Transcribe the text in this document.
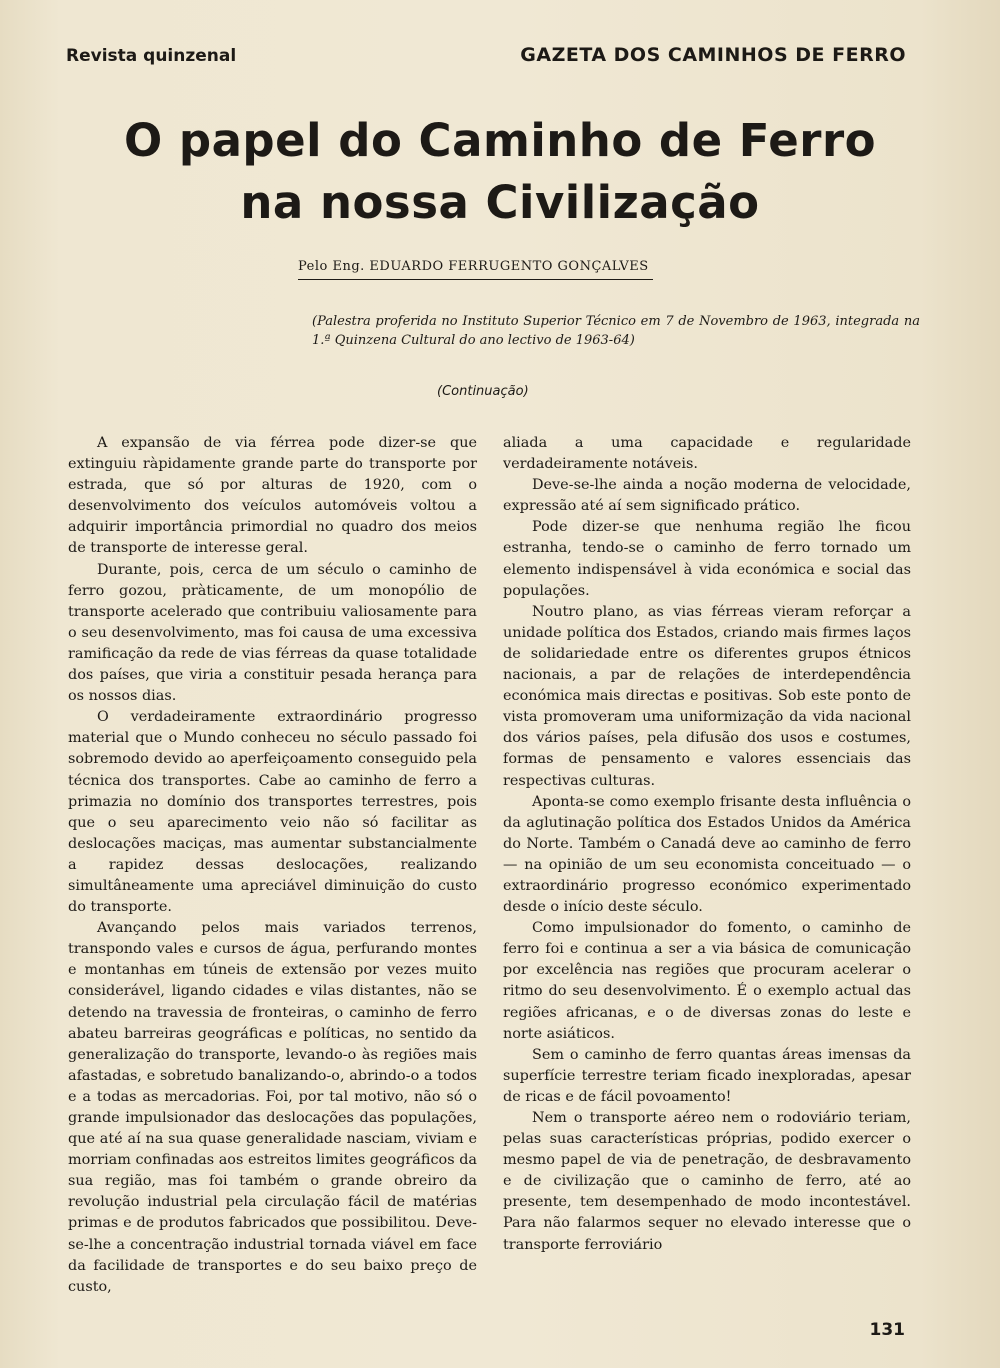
Revista quinzenal	GAZETA DOS CAMINHOS DE FERRO
O papel do Caminho de Ferro
na nossa Civilização
Pelo Eng. EDUARDO FERRUGENTO GONÇALVES
(Palestra proferida no Instituto Superior Técnico em 7 de Novembro de 1963, integrada na 1.ª Quinzena Cultural do ano lectivo de 1963-64)
(Continuação)

A expansão de via férrea pode dizer-se que extinguiu ràpidamente grande parte do transporte por estrada, que só por alturas de 1920, com o desenvolvimento dos veículos automóveis voltou a adquirir importância primordial no quadro dos meios de transporte de interesse geral.

Durante, pois, cerca de um século o caminho de ferro gozou, pràticamente, de um monopólio de transporte acelerado que contribuiu valiosamente para o seu desenvolvimento, mas foi causa de uma excessiva ramificação da rede de vias férreas da quase totalidade dos países, que viria a constituir pesada herança para os nossos dias.

O verdadeiramente extraordinário progresso material que o Mundo conheceu no século passado foi sobremodo devido ao aperfeiçoamento conseguido pela técnica dos transportes. Cabe ao caminho de ferro a primazia no domínio dos transportes terrestres, pois que o seu aparecimento veio não só facilitar as deslocações maciças, mas aumentar substancialmente a rapidez dessas deslocações, realizando simultâneamente uma apreciável diminuição do custo do transporte.

Avançando pelos mais variados terrenos, transpondo vales e cursos de água, perfurando montes e montanhas em túneis de extensão por vezes muito considerável, ligando cidades e vilas distantes, não se detendo na travessia de fronteiras, o caminho de ferro abateu barreiras geográficas e políticas, no sentido da generalização do transporte, levando-o às regiões mais afastadas, e sobretudo banalizando-o, abrindo-o a todos e a todas as mercadorias. Foi, por tal motivo, não só o grande impulsionador das deslocações das populações, que até aí na sua quase generalidade nasciam, viviam e morriam confinadas aos estreitos limites geográficos da sua região, mas foi também o grande obreiro da revolução industrial pela circulação fácil de matérias primas e de produtos fabricados que possibilitou. Deve-se-lhe a concentração industrial tornada viável em face da facilidade de transportes e do seu baixo preço de custo,

aliada a uma capacidade e regularidade verdadeiramente notáveis.

Deve-se-lhe ainda a noção moderna de velocidade, expressão até aí sem significado prático.

Pode dizer-se que nenhuma região lhe ficou estranha, tendo-se o caminho de ferro tornado um elemento indispensável à vida económica e social das populações.

Noutro plano, as vias férreas vieram reforçar a unidade política dos Estados, criando mais firmes laços de solidariedade entre os diferentes grupos étnicos nacionais, a par de relações de interdependência económica mais directas e positivas. Sob este ponto de vista promoveram uma uniformização da vida nacional dos vários países, pela difusão dos usos e costumes, formas de pensamento e valores essenciais das respectivas culturas.

Aponta-se como exemplo frisante desta influência o da aglutinação política dos Estados Unidos da América do Norte. Também o Canadá deve ao caminho de ferro — na opinião de um seu economista conceituado — o extraordinário progresso económico experimentado desde o início deste século.

Como impulsionador do fomento, o caminho de ferro foi e continua a ser a via básica de comunicação por excelência nas regiões que procuram acelerar o ritmo do seu desenvolvimento. É o exemplo actual das regiões africanas, e o de diversas zonas do leste e norte asiáticos.

Sem o caminho de ferro quantas áreas imensas da superfície terrestre teriam ficado inexploradas, apesar de ricas e de fácil povoamento!

Nem o transporte aéreo nem o rodoviário teriam, pelas suas características próprias, podido exercer o mesmo papel de via de penetração, de desbravamento e de civilização que o caminho de ferro, até ao presente, tem desempenhado de modo incontestável. Para não falarmos sequer no elevado interesse que o transporte ferroviário

131
